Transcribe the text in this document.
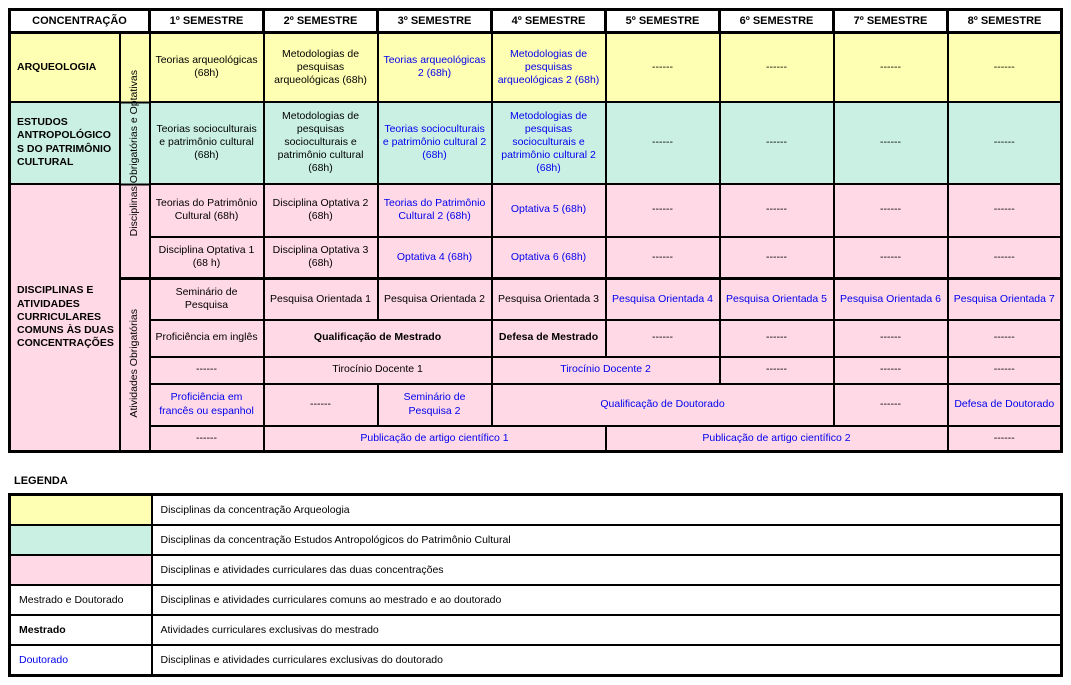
CONCENTRAÇÃO		1º SEMESTRE	2º SEMESTRE	3º SEMESTRE	4º SEMESTRE	5º SEMESTRE	6º SEMESTRE	7º SEMESTRE	8º SEMESTRE
ARQUEOLOGIA	Disciplinas Obrigatórias e Optativas	Teorias arqueológicas (68h)	Metodologias de pesquisas arqueológicas (68h)	Teorias arqueológicas 2 (68h)	Metodologias de pesquisas arqueológicas 2 (68h)	------	------	------	------
ESTUDOS ANTROPOLÓGICOS DO PATRIMÔNIO CULTURAL		Teorias socioculturais e patrimônio cultural (68h)	Metodologias de pesquisas socioculturais e patrimônio cultural (68h)	Teorias socioculturais e patrimônio cultural 2 (68h)	Metodologias de pesquisas socioculturais e patrimônio cultural 2 (68h)	------	------	------	------
DISCIPLINAS E ATIVIDADES CURRICULARES COMUNS ÀS DUAS CONCENTRAÇÕES		Teorias do Patrimônio Cultural (68h)	Disciplina Optativa 2 (68h)	Teorias do Patrimônio Cultural 2 (68h)	Optativa 5 (68h)	------	------	------	------
		Disciplina Optativa 1 (68 h)	Disciplina Optativa 3 (68h)	Optativa 4 (68h)	Optativa 6 (68h)	------	------	------	------
	Atividades Obrigatórias	Seminário de Pesquisa	Pesquisa Orientada 1	Pesquisa Orientada 2	Pesquisa Orientada 3	Pesquisa Orientada 4	Pesquisa Orientada 5	Pesquisa Orientada 6	Pesquisa Orientada 7
		Proficiência em inglês	Qualificação de Mestrado		Defesa de Mestrado	------	------	------	------
		------	Tirocínio Docente 1		Tirocínio Docente 2		------	------	------
		Proficiência em francês ou espanhol	------	Seminário de Pesquisa 2	Qualificação de Doutorado			------	Defesa de Doutorado
		------	Publicação de artigo científico 1			Publicação de artigo científico 2			------
LEGENDA
	Disciplinas da concentração Arqueologia
	Disciplinas da concentração Estudos Antropológicos do Patrimônio Cultural
	Disciplinas e atividades curriculares das duas concentrações
Mestrado e Doutorado	Disciplinas e atividades curriculares comuns ao mestrado e ao doutorado
Mestrado	Atividades curriculares exclusivas do mestrado
Doutorado	Disciplinas e atividades curriculares exclusivas do doutorado
